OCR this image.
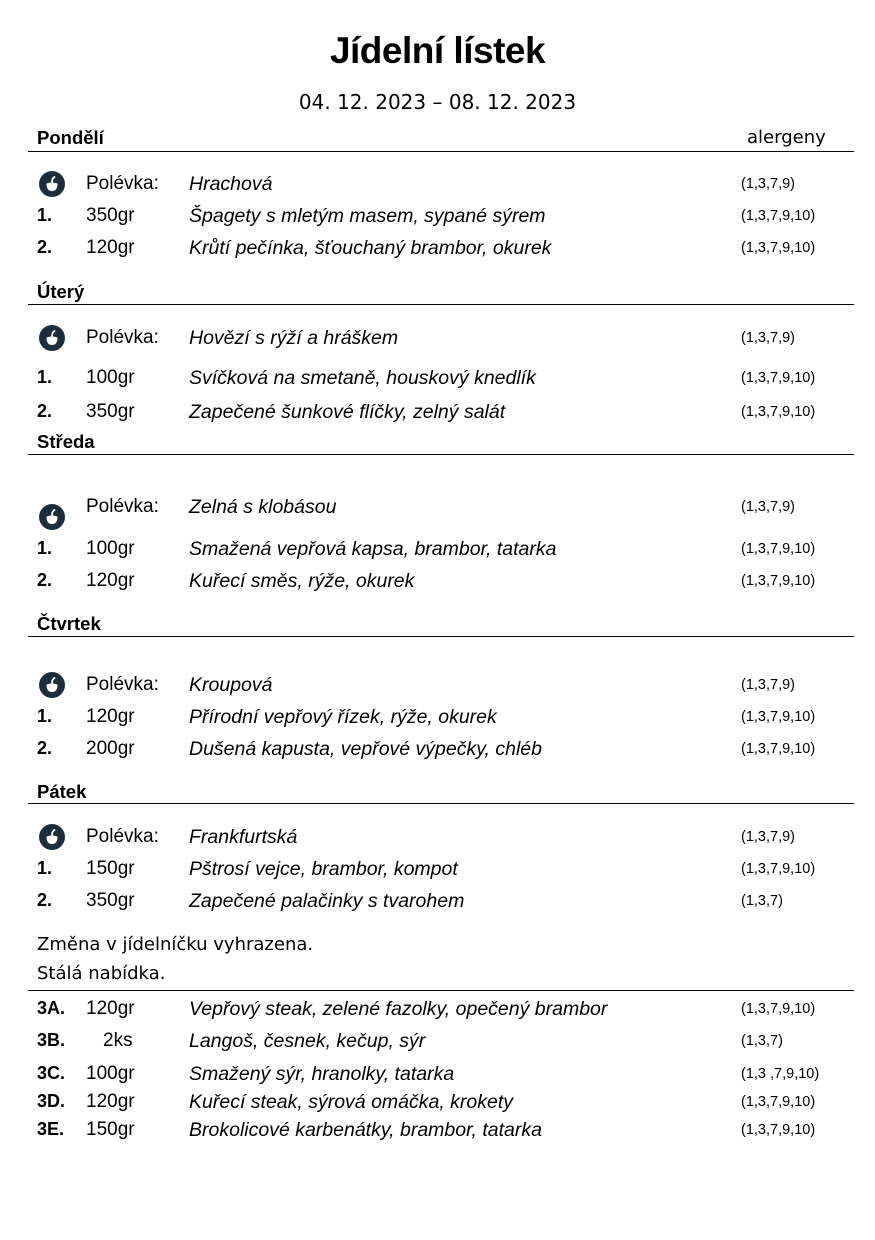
Jídelní lístek
04. 12. 2023 – 08. 12. 2023
alergeny
Pondělí
Polévka: Hrachová	(1,3,7,9)
1. 350gr	Špagety s mletým masem, sypané sýrem	(1,3,7,9,10)
2. 120gr	Krůtí pečínka, šťouchaný brambor, okurek	(1,3,7,9,10)
Úterý
Polévka: Hovězí s rýží a hráškem	(1,3,7,9)
1. 100gr	Svíčková na smetaně, houskový knedlík	(1,3,7,9,10)
2. 350gr	Zapečené šunkové flíčky, zelný salát	(1,3,7,9,10)
Středa
Polévka: Zelná s klobásou	(1,3,7,9)
1. 100gr	Smažená vepřová kapsa, brambor, tatarka	(1,3,7,9,10)
2. 120gr	Kuřecí směs, rýže, okurek	(1,3,7,9,10)
Čtvrtek
Polévka: Kroupová	(1,3,7,9)
1. 120gr	Přírodní vepřový řízek, rýže, okurek	(1,3,7,9,10)
2. 200gr	Dušená kapusta, vepřové výpečky, chléb	(1,3,7,9,10)
Pátek
Polévka: Frankfurtská	(1,3,7,9)
1. 150gr	Pštrosí vejce, brambor, kompot	(1,3,7,9,10)
2. 350gr	Zapečené palačinky s tvarohem	(1,3,7)
Změna v jídelníčku vyhrazena.
Stálá nabídka.
3A. 120gr	Vepřový steak, zelené fazolky, opečený brambor	(1,3,7,9,10)
3B. 2ks	Langoš, česnek, kečup, sýr	(1,3,7)
3C. 100gr	Smažený sýr, hranolky, tatarka	(1,3 ,7,9,10)
3D. 120gr	Kuřecí steak, sýrová omáčka, krokety	(1,3,7,9,10)
3E. 150gr	Brokolicové karbenátky, brambor, tatarka	(1,3,7,9,10)
